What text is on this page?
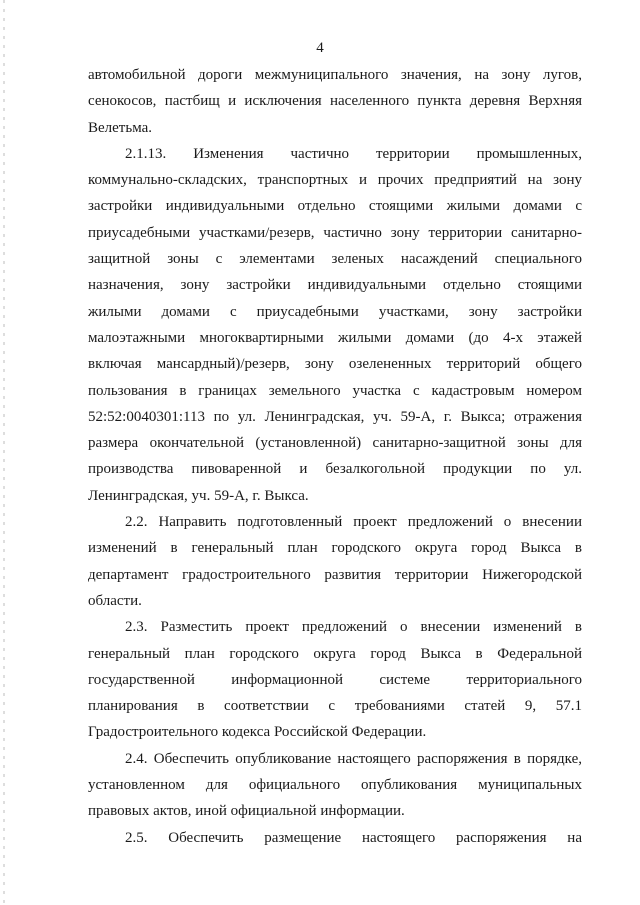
4
автомобильной дороги межмуниципального значения, на зону лугов,
сенокосов, пастбищ и исключения населенного пункта деревня Верхняя
Велетьма.
2.1.13. Изменения частично территории промышленных,
коммунально-складских, транспортных и прочих предприятий на зону
застройки индивидуальными отдельно стоящими жилыми домами с
приусадебными участками/резерв, частично зону территории санитарно-
защитной зоны с элементами зеленых насаждений специального
назначения, зону застройки индивидуальными отдельно стоящими
жилыми домами с приусадебными участками, зону застройки
малоэтажными многоквартирными жилыми домами (до 4-х этажей
включая мансардный)/резерв, зону озелененных территорий общего
пользования в границах земельного участка с кадастровым номером
52:52:0040301:113 по ул. Ленинградская, уч. 59-А, г. Выкса; отражения
размера окончательной (установленной) санитарно-защитной зоны для
производства пивоваренной и безалкогольной продукции по ул.
Ленинградская, уч. 59-А, г. Выкса.
2.2. Направить подготовленный проект предложений о внесении
изменений в генеральный план городского округа город Выкса в
департамент градостроительного развития территории Нижегородской
области.
2.3. Разместить проект предложений о внесении изменений в
генеральный план городского округа город Выкса в Федеральной
государственной информационной системе территориального
планирования в соответствии с требованиями статей 9, 57.1
Градостроительного кодекса Российской Федерации.
2.4. Обеспечить опубликование настоящего распоряжения в порядке,
установленном для официального опубликования муниципальных
правовых актов, иной официальной информации.
2.5. Обеспечить размещение настоящего распоряжения на
